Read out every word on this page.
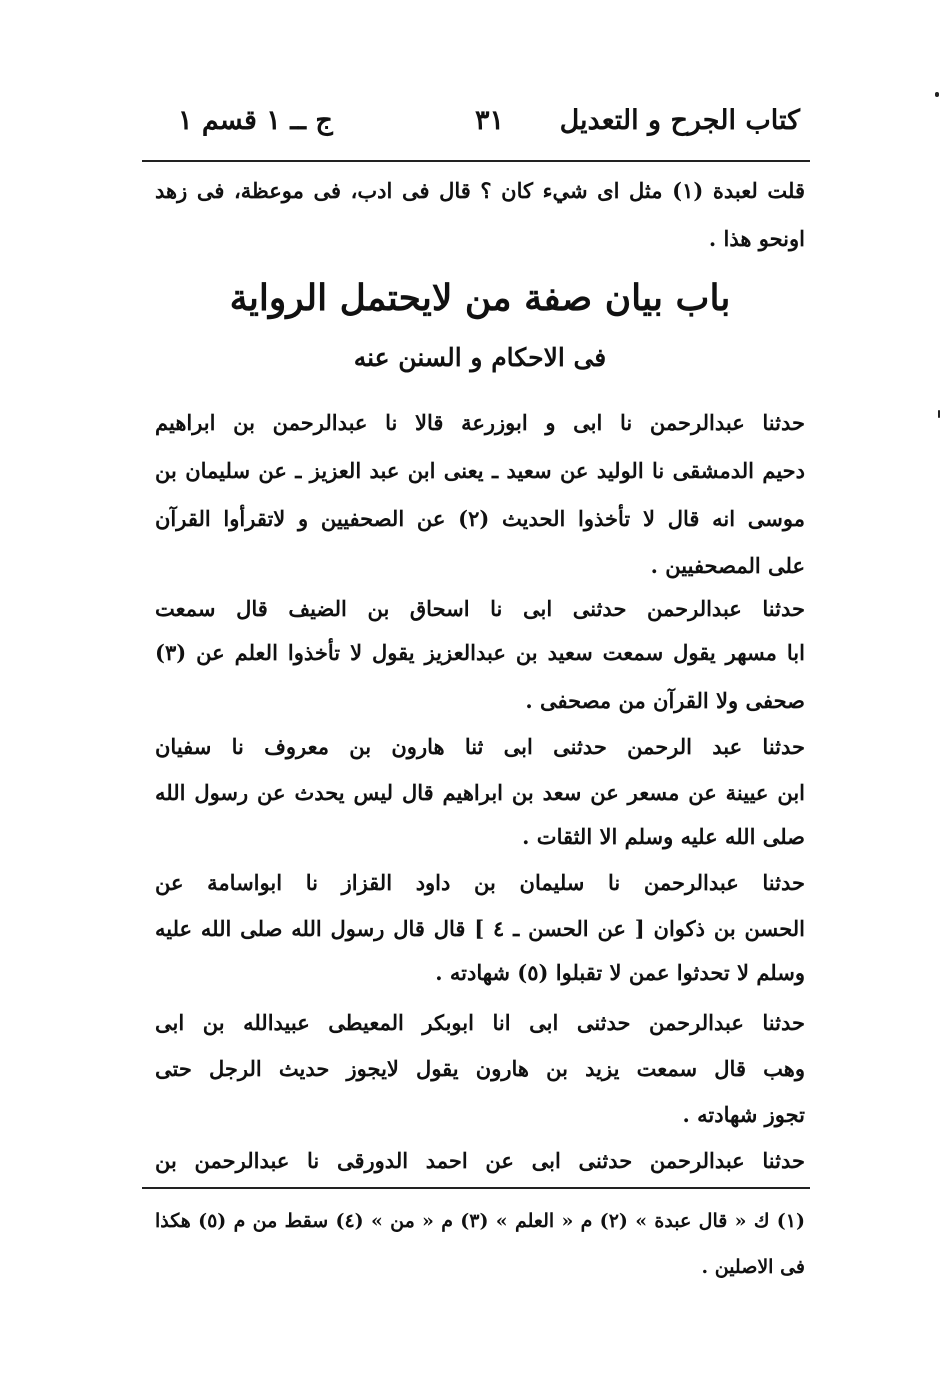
كتاب الجرح و التعديل
٣١
ج ــ ١ قسم ١
قلت لعبدة (١) مثل اى شيء كان ؟ قال فى ادب، فى موعظة، فى زهد
اونحو هذا .
باب بيان صفة من لايحتمل الرواية
فى الاحكام و السنن عنه
حدثنا عبدالرحمن نا ابى و ابوزرعة قالا نا عبدالرحمن بن ابراهيم
دحيم الدمشقى نا الوليد عن سعيد ـ يعنى ابن عبد العزيز ـ عن سليمان بن
موسى انه قال لا تأخذوا الحديث (٢) عن الصحفيين و لاتقرأوا القرآن
على المصحفيين .
حدثنا عبدالرحمن حدثنى ابى نا اسحاق بن الضيف قال سمعت
ابا مسهر يقول سمعت سعيد بن عبدالعزيز يقول لا تأخذوا العلم عن (٣)
صحفى ولا القرآن من مصحفى .
حدثنا عبد الرحمن حدثنى ابى ثنا هارون بن معروف نا سفيان
ابن عيينة عن مسعر عن سعد بن ابراهيم قال ليس يحدث عن رسول الله
صلى الله عليه وسلم الا الثقات .
حدثنا عبدالرحمن نا سليمان بن داود القزاز نا ابواسامة عن
الحسن بن ذكوان [ عن الحسن ـ ٤ ] قال قال رسول الله صلى الله عليه
وسلم لا تحدثوا عمن لا تقبلوا (٥) شهادته .
حدثنا عبدالرحمن حدثنى ابى انا ابوبكر المعيطى عبيدالله بن ابى
وهب قال سمعت يزيد بن هارون يقول لايجوز حديث الرجل حتى
تجوز شهادته .
حدثنا عبدالرحمن حدثنى ابى عن احمد الدورقى نا عبدالرحمن بن
(١) ك « قال عبدة » (٢) م « العلم » (٣) م « من » (٤) سقط من م (٥) هكذا
فى الاصلين .
